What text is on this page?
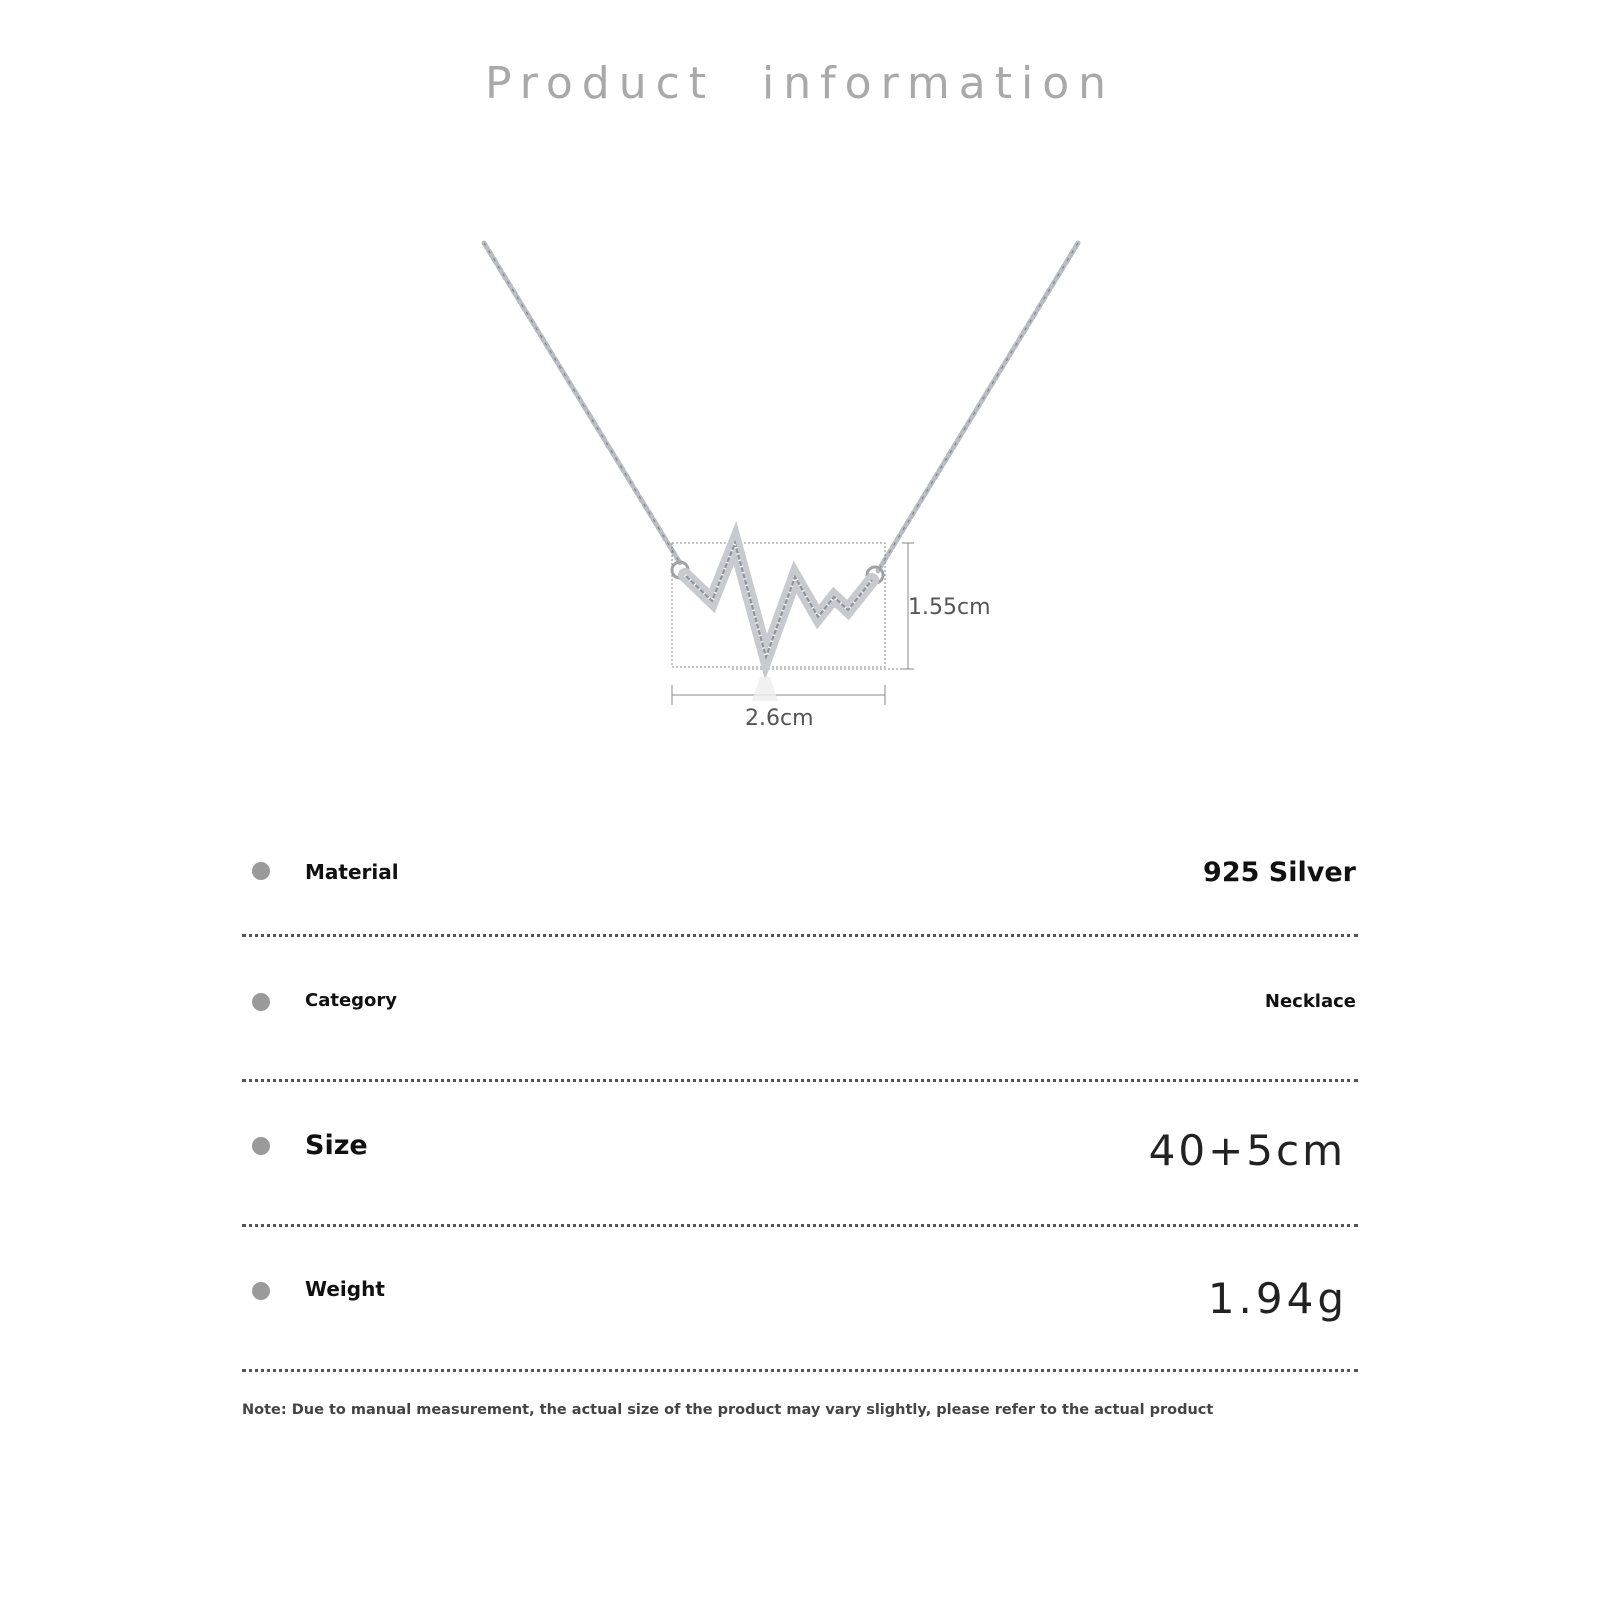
Product information
1.55cm
2.6cm
Material	925 Silver
Category	Necklace
Size	40+5cm
Weight	1.94g
Note: Due to manual measurement, the actual size of the product may vary slightly, please refer to the actual product
